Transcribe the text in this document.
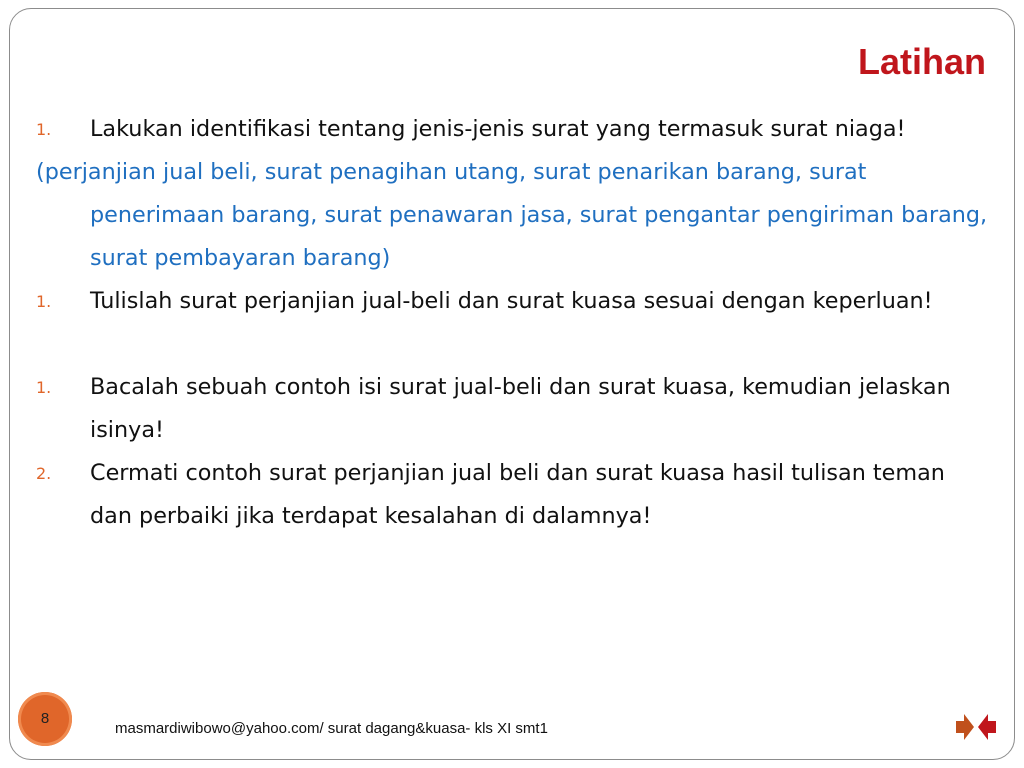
Latihan
1.	Lakukan identifikasi tentang jenis-jenis surat yang termasuk surat niaga!
(perjanjian jual beli, surat penagihan utang, surat penarikan barang, surat penerimaan barang, surat penawaran jasa, surat pengantar pengiriman barang, surat pembayaran barang)
1.	Tulislah surat perjanjian jual-beli dan surat kuasa sesuai dengan keperluan!
1.	Bacalah sebuah contoh isi surat jual-beli dan surat kuasa, kemudian jelaskan isinya!
2.	Cermati contoh surat perjanjian jual beli dan surat kuasa hasil tulisan teman dan perbaiki jika terdapat kesalahan di dalamnya!
8
masmardiwibowo@yahoo.com/ surat dagang&kuasa- kls XI smt1
